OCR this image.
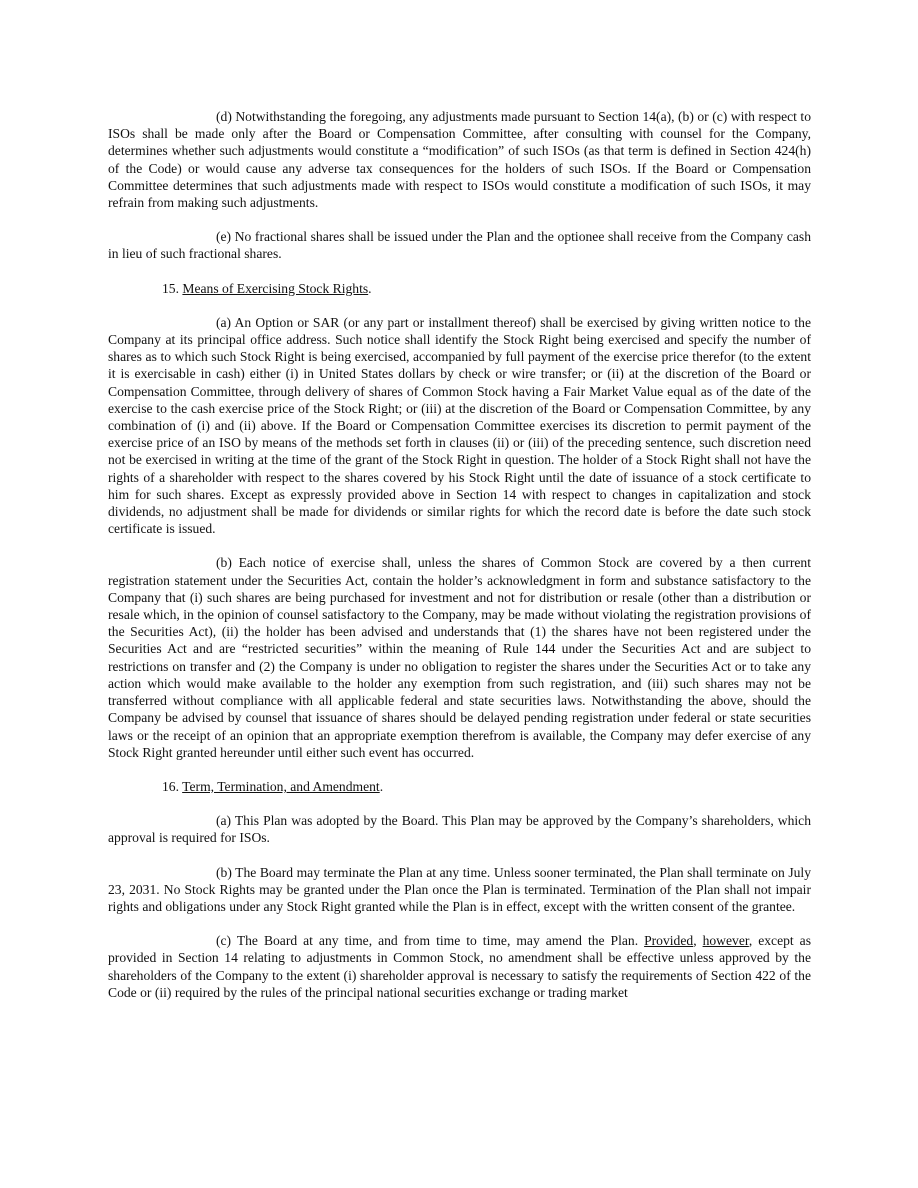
(d) Notwithstanding the foregoing, any adjustments made pursuant to Section 14(a), (b) or (c) with respect to ISOs shall be made only after the Board or Compensation Committee, after consulting with counsel for the Company, determines whether such adjustments would constitute a “modification” of such ISOs (as that term is defined in Section 424(h) of the Code) or would cause any adverse tax consequences for the holders of such ISOs. If the Board or Compensation Committee determines that such adjustments made with respect to ISOs would constitute a modification of such ISOs, it may refrain from making such adjustments.

(e) No fractional shares shall be issued under the Plan and the optionee shall receive from the Company cash in lieu of such fractional shares.

15. Means of Exercising Stock Rights.

(a) An Option or SAR (or any part or installment thereof) shall be exercised by giving written notice to the Company at its principal office address. Such notice shall identify the Stock Right being exercised and specify the number of shares as to which such Stock Right is being exercised, accompanied by full payment of the exercise price therefor (to the extent it is exercisable in cash) either (i) in United States dollars by check or wire transfer; or (ii) at the discretion of the Board or Compensation Committee, through delivery of shares of Common Stock having a Fair Market Value equal as of the date of the exercise to the cash exercise price of the Stock Right; or (iii) at the discretion of the Board or Compensation Committee, by any combination of (i) and (ii) above. If the Board or Compensation Committee exercises its discretion to permit payment of the exercise price of an ISO by means of the methods set forth in clauses (ii) or (iii) of the preceding sentence, such discretion need not be exercised in writing at the time of the grant of the Stock Right in question. The holder of a Stock Right shall not have the rights of a shareholder with respect to the shares covered by his Stock Right until the date of issuance of a stock certificate to him for such shares. Except as expressly provided above in Section 14 with respect to changes in capitalization and stock dividends, no adjustment shall be made for dividends or similar rights for which the record date is before the date such stock certificate is issued.

(b) Each notice of exercise shall, unless the shares of Common Stock are covered by a then current registration statement under the Securities Act, contain the holder’s acknowledgment in form and substance satisfactory to the Company that (i) such shares are being purchased for investment and not for distribution or resale (other than a distribution or resale which, in the opinion of counsel satisfactory to the Company, may be made without violating the registration provisions of the Securities Act), (ii) the holder has been advised and understands that (1) the shares have not been registered under the Securities Act and are “restricted securities” within the meaning of Rule 144 under the Securities Act and are subject to restrictions on transfer and (2) the Company is under no obligation to register the shares under the Securities Act or to take any action which would make available to the holder any exemption from such registration, and (iii) such shares may not be transferred without compliance with all applicable federal and state securities laws. Notwithstanding the above, should the Company be advised by counsel that issuance of shares should be delayed pending registration under federal or state securities laws or the receipt of an opinion that an appropriate exemption therefrom is available, the Company may defer exercise of any Stock Right granted hereunder until either such event has occurred.

16. Term, Termination, and Amendment.

(a) This Plan was adopted by the Board. This Plan may be approved by the Company’s shareholders, which approval is required for ISOs.

(b) The Board may terminate the Plan at any time. Unless sooner terminated, the Plan shall terminate on July 23, 2031. No Stock Rights may be granted under the Plan once the Plan is terminated. Termination of the Plan shall not impair rights and obligations under any Stock Right granted while the Plan is in effect, except with the written consent of the grantee.

(c) The Board at any time, and from time to time, may amend the Plan. Provided, however, except as provided in Section 14 relating to adjustments in Common Stock, no amendment shall be effective unless approved by the shareholders of the Company to the extent (i) shareholder approval is necessary to satisfy the requirements of Section 422 of the Code or (ii) required by the rules of the principal national securities exchange or trading market
